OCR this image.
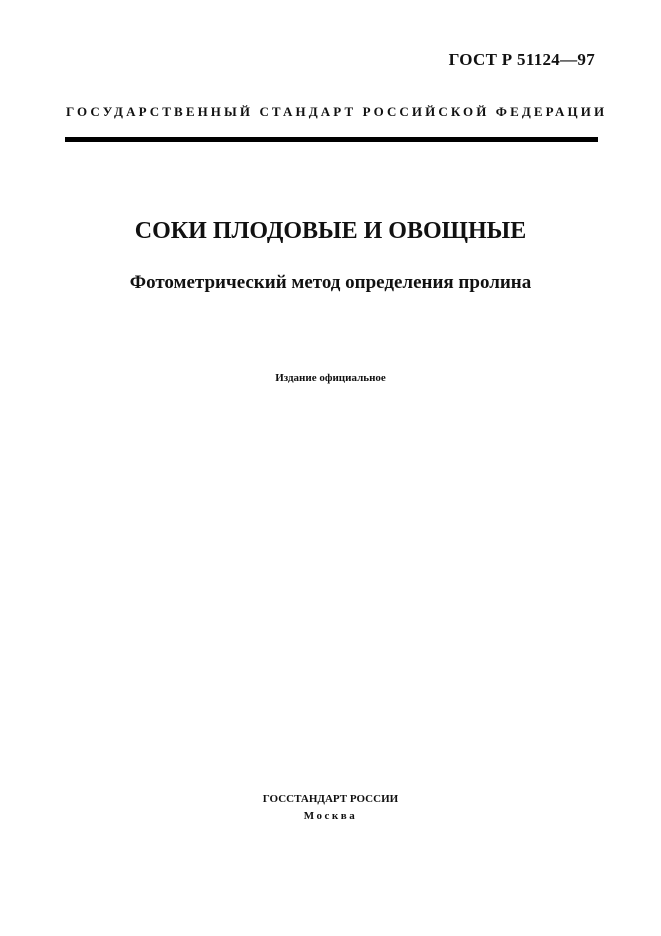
ГОСТ Р 51124—97
ГОСУДАРСТВЕННЫЙ СТАНДАРТ РОССИЙСКОЙ ФЕДЕРАЦИИ
СОКИ ПЛОДОВЫЕ И ОВОЩНЫЕ
Фотометрический метод определения пролина
Издание официальное
ГОССТАНДАРТ РОССИИ
Москва
